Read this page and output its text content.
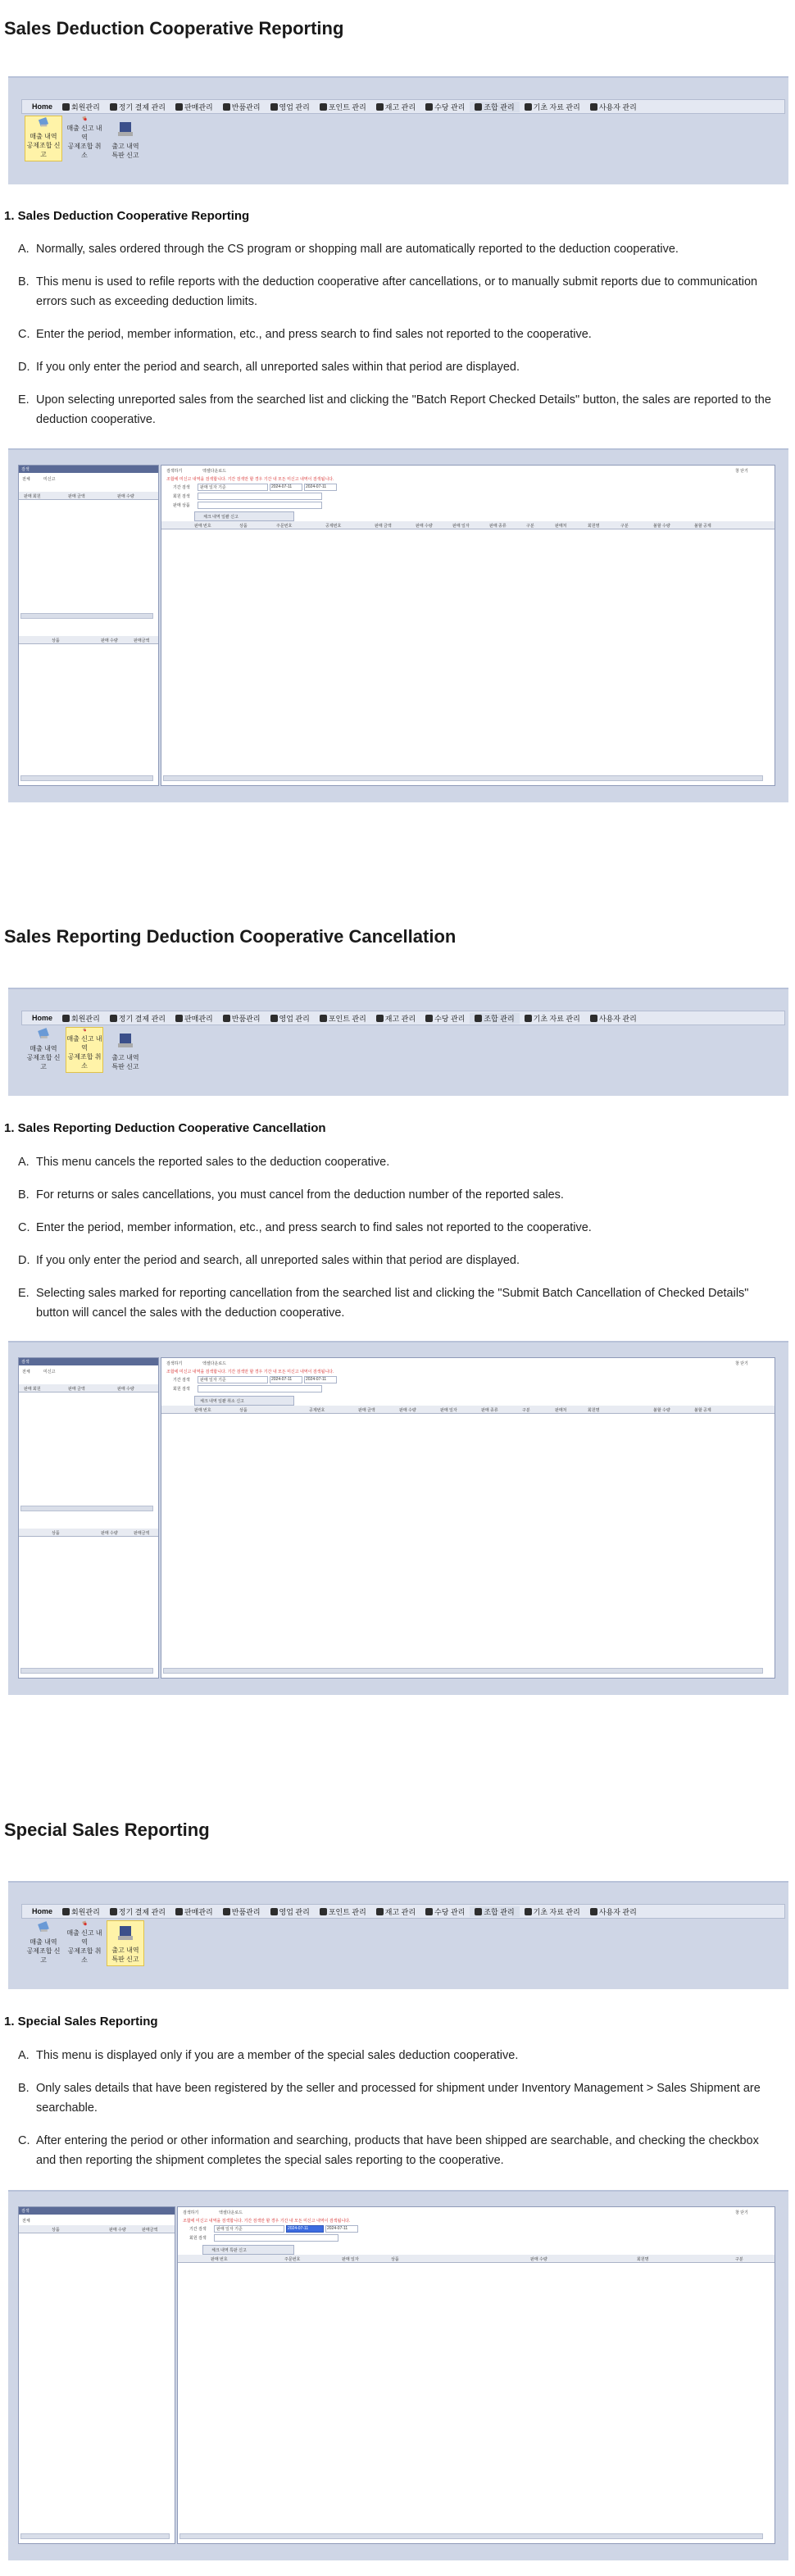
Sales Deduction Cooperative Reporting
Home	회원관리	정기 결제 관리	판매관리	반품관리	영업 관리	포인트 관리	재고 관리	수당 관리	조합 관리	기초 자료 관리	사용자 관리
매출 내역
공제조합 신고
매출 신고 내역
공제조합 취소
출고 내역
특판 신고
1. Sales Deduction Cooperative Reporting
A. Normally, sales ordered through the CS program or shopping mall are automatically reported to the deduction cooperative.
B. This menu is used to refile reports with the deduction cooperative after cancellations, or to manually submit reports due to communication errors such as exceeding deduction limits.
C. Enter the period, member information, etc., and press search to find sales not reported to the cooperative.
D. If you only enter the period and search, all unreported sales within that period are displayed.
E. Upon selecting unreported sales from the searched list and clicking the "Batch Report Checked Details" button, the sales are reported to the deduction cooperative.
검색
전체	미신고
판매 회원	판매 금액	판매 수량
상품	판매 수량	판매금액
검색하기	엑셀다운로드	창 닫기
조합에 미신고 내역을 검색합니다. 기간 검색만 할 경우 기간 내 모든 미신고 내역이 검색됩니다.
기간 검색 판매 일자 기준	2024-07-11	2024-07-11
회원 검색
판매 상품
체크 내역 일괄 신고
판매 번호	상품	주문번호	공제번호	판매 금액	판매 수량	판매 일자	판매 종류	구분	판매처	회원명	구분	불할 수량	불할 공제
Sales Reporting Deduction Cooperative Cancellation
Home	회원관리	정기 결제 관리	판매관리	반품관리	영업 관리	포인트 관리	재고 관리	수당 관리	조합 관리	기초 자료 관리	사용자 관리
매출 내역
공제조합 신고
매출 신고 내역
공제조합 취소
출고 내역
특판 신고
1. Sales Reporting Deduction Cooperative Cancellation
A. This menu cancels the reported sales to the deduction cooperative.
B. For returns or sales cancellations, you must cancel from the deduction number of the reported sales.
C. Enter the period, member information, etc., and press search to find sales not reported to the cooperative.
D. If you only enter the period and search, all unreported sales within that period are displayed.
E. Selecting sales marked for reporting cancellation from the searched list and clicking the "Submit Batch Cancellation of Checked Details" button will cancel the sales with the deduction cooperative.
검색
전체	미신고
판매 회원	판매 금액	판매 수량
상품	판매 수량	판매금액
검색하기	엑셀다운로드	창 닫기
조합에 미신고 내역을 검색합니다. 기간 검색만 할 경우 기간 내 모든 미신고 내역이 검색됩니다.
기간 검색 판매 일자 기준	2024-07-11	2024-07-11
회원 검색
체크 내역 일괄 취소 신고
판매 번호	상품	공제번호	판매 금액	판매 수량	판매 일자	판매 종류	구분	판매처	회원명	불할 수량	불할 공제
Special Sales Reporting
Home	회원관리	정기 결제 관리	판매관리	반품관리	영업 관리	포인트 관리	재고 관리	수당 관리	조합 관리	기초 자료 관리	사용자 관리
매출 내역
공제조합 신고
매출 신고 내역
공제조합 취소
출고 내역
특판 신고
1. Special Sales Reporting
A. This menu is displayed only if you are a member of the special sales deduction cooperative.
B. Only sales details that have been registered by the seller and processed for shipment under Inventory Management > Sales Shipment are searchable.
C. After entering the period or other information and searching, products that have been shipped are searchable, and checking the checkbox and then reporting the shipment completes the special sales reporting to the cooperative.
검색
전체
상품	판매 수량	판매금액
검색하기	엑셀다운로드	창 닫기
조합에 미신고 내역을 검색합니다. 기간 검색만 할 경우 기간 내 모든 미신고 내역이 검색됩니다.
기간 검색 판매 일자 기준	2024-07-11	2024-07-11
회원 검색
체크 내역 특판 신고
판매 번호	주문번호	판매 일자	상품	판매 수량	회원명	구분
